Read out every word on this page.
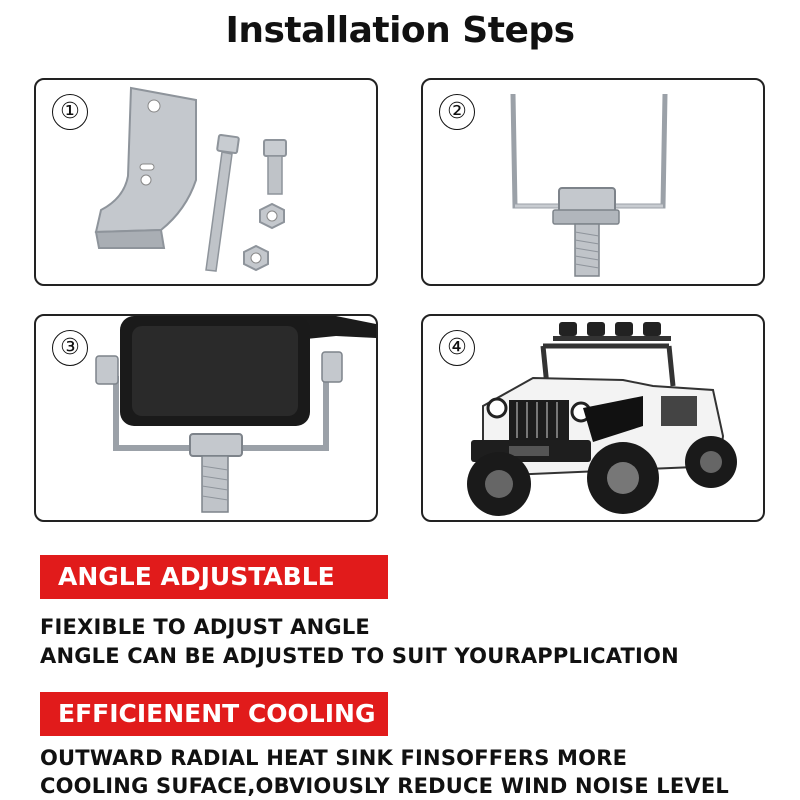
Installation Steps
①	②
③	④
ANGLE ADJUSTABLE
FIEXIBLE TO ADJUST ANGLE
ANGLE CAN BE ADJUSTED TO SUIT YOURAPPLICATION
EFFICIENENT COOLING
OUTWARD RADIAL HEAT SINK FINSOFFERS MORE
COOLING SUFACE,OBVIOUSLY REDUCE WIND NOISE LEVEL
